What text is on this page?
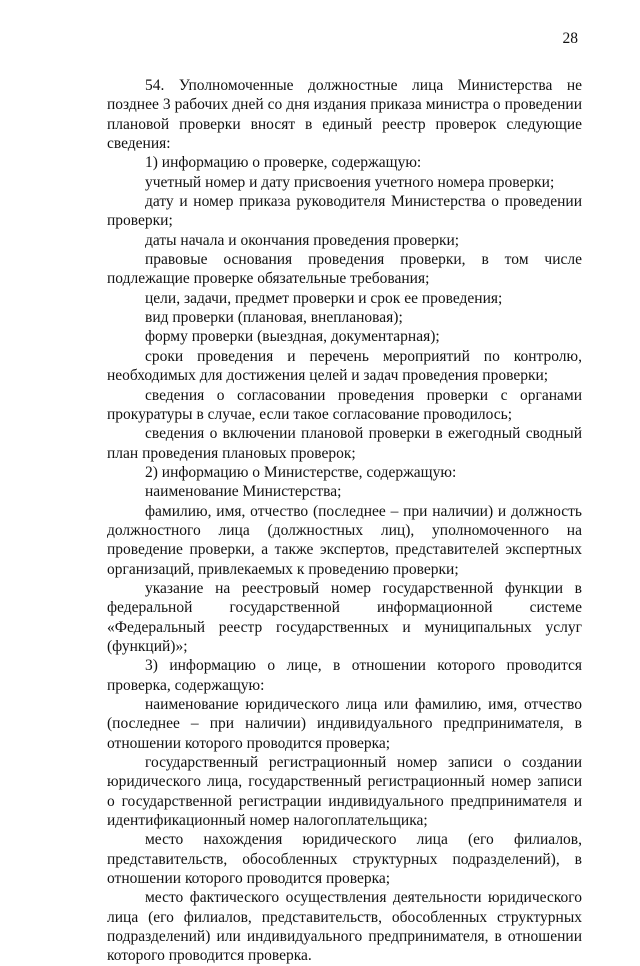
28

54. Уполномоченные должностные лица Министерства не позднее 3 рабочих дней со дня издания приказа министра о проведении плановой проверки вносят в единый реестр проверок следующие сведения:

1) информацию о проверке, содержащую:

учетный номер и дату присвоения учетного номера проверки;

дату и номер приказа руководителя Министерства о проведении проверки;

даты начала и окончания проведения проверки;

правовые основания проведения проверки, в том числе подлежащие проверке обязательные требования;

цели, задачи, предмет проверки и срок ее проведения;

вид проверки (плановая, внеплановая);

форму проверки (выездная, документарная);

сроки проведения и перечень мероприятий по контролю, необходимых для достижения целей и задач проведения проверки;

сведения о согласовании проведения проверки с органами прокуратуры в случае, если такое согласование проводилось;

сведения о включении плановой проверки в ежегодный сводный план проведения плановых проверок;

2) информацию о Министерстве, содержащую:

наименование Министерства;

фамилию, имя, отчество (последнее – при наличии) и должность должностного лица (должностных лиц), уполномоченного на проведение проверки, а также экспертов, представителей экспертных организаций, привлекаемых к проведению проверки;

указание на реестровый номер государственной функции в федеральной государственной информационной системе «Федеральный реестр государственных и муниципальных услуг (функций)»;

3) информацию о лице, в отношении которого проводится проверка, содержащую:

наименование юридического лица или фамилию, имя, отчество (последнее – при наличии) индивидуального предпринимателя, в отношении которого проводится проверка;

государственный регистрационный номер записи о создании юридического лица, государственный регистрационный номер записи о государственной регистрации индивидуального предпринимателя и идентификационный номер налогоплательщика;

место нахождения юридического лица (его филиалов, представительств, обособленных структурных подразделений), в отношении которого проводится проверка;

место фактического осуществления деятельности юридического лица (его филиалов, представительств, обособленных структурных подразделений) или индивидуального предпринимателя, в отношении которого проводится проверка.
